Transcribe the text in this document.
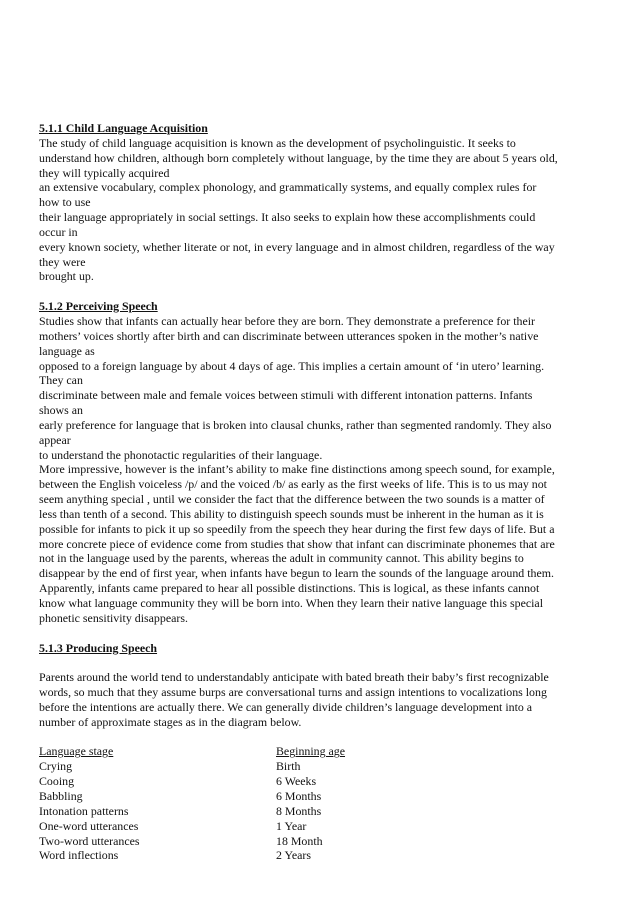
5.1.1 Child Language Acquisition
The study of child language acquisition is known as the development of psycholinguistic. It seeks to
understand how children, although born completely without language, by the time they are about 5 years old,
they will typically acquired
an extensive vocabulary, complex phonology, and grammatically systems, and equally complex rules for
how to use
their language appropriately in social settings. It also seeks to explain how these accomplishments could
occur in
every known society, whether literate or not, in every language and in almost children, regardless of the way
they were
brought up.
5.1.2 Perceiving Speech
Studies show that infants can actually hear before they are born. They demonstrate a preference for their
mothers’ voices shortly after birth and can discriminate between utterances spoken in the mother’s native
language as
opposed to a foreign language by about 4 days of age. This implies a certain amount of ‘in utero’ learning.
They can
discriminate between male and female voices between stimuli with different intonation patterns. Infants
shows an
early preference for language that is broken into clausal chunks, rather than segmented randomly. They also
appear
to understand the phonotactic regularities of their language.
More impressive, however is the infant’s ability to make fine distinctions among speech sound, for example,
between the English voiceless /p/ and the voiced /b/ as early as the first weeks of life. This is to us may not
seem anything special , until we consider the fact that the difference between the two sounds is a matter of
less than tenth of a second. This ability to distinguish speech sounds must be inherent in the human as it is
possible for infants to pick it up so speedily from the speech they hear during the first few days of life. But a
more concrete piece of evidence come from studies that show that infant can discriminate phonemes that are
not in the language used by the parents, whereas the adult in community cannot. This ability begins to
disappear by the end of first year, when infants have begun to learn the sounds of the language around them.
Apparently, infants came prepared to hear all possible distinctions. This is logical, as these infants cannot
know what language community they will be born into. When they learn their native language this special
phonetic sensitivity disappears.
5.1.3 Producing Speech
Parents around the world tend to understandably anticipate with bated breath their baby’s first recognizable
words, so much that they assume burps are conversational turns and assign intentions to vocalizations long
before the intentions are actually there. We can generally divide children’s language development into a
number of approximate stages as in the diagram below.
Language stage	Beginning age
Crying	Birth
Cooing	6 Weeks
Babbling	6 Months
Intonation patterns	8 Months
One-word utterances	1 Year
Two-word utterances	18 Month
Word inflections	2 Years
